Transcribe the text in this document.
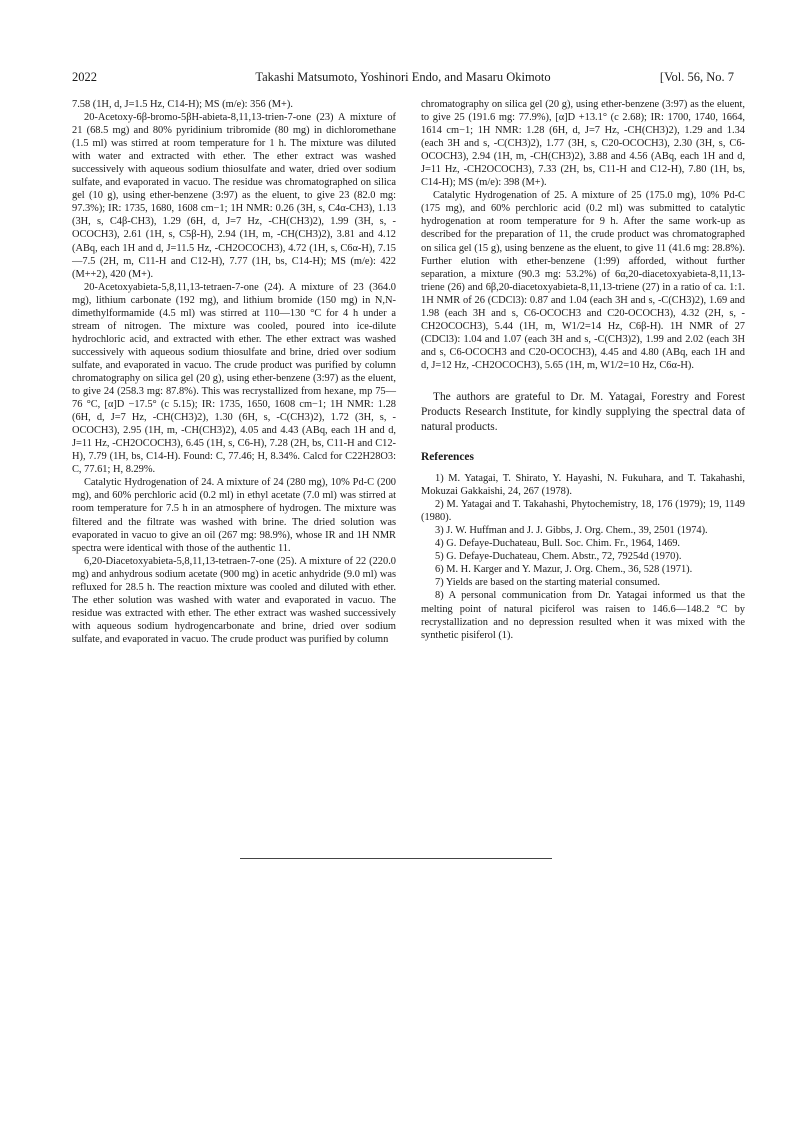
2022	Takashi Matsumoto, Yoshinori Endo, and Masaru Okimoto	[Vol. 56, No. 7

7.58 (1H, d, J=1.5 Hz, C14-H); MS (m/e): 356 (M+).

20-Acetoxy-6β-bromo-5βH-abieta-8,11,13-trien-7-one (23) A mixture of 21 (68.5 mg) and 80% pyridinium tribromide (80 mg) in dichloromethane (1.5 ml) was stirred at room temperature for 1 h. The mixture was diluted with water and extracted with ether. The ether extract was washed successively with aqueous sodium thiosulfate and water, dried over sodium sulfate, and evaporated in vacuo. The residue was chromatographed on silica gel (10 g), using ether-benzene (3:97) as the eluent, to give 23 (82.0 mg: 97.3%); IR: 1735, 1680, 1608 cm−1; 1H NMR: 0.26 (3H, s, C4α-CH3), 1.13 (3H, s, C4β-CH3), 1.29 (6H, d, J=7 Hz, -CH(CH3)2), 1.99 (3H, s, -OCOCH3), 2.61 (1H, s, C5β-H), 2.94 (1H, m, -CH(CH3)2), 3.81 and 4.12 (ABq, each 1H and d, J=11.5 Hz, -CH2OCOCH3), 4.72 (1H, s, C6α-H), 7.15—7.5 (2H, m, C11-H and C12-H), 7.77 (1H, bs, C14-H); MS (m/e): 422 (M++2), 420 (M+).

20-Acetoxyabieta-5,8,11,13-tetraen-7-one (24). A mixture of 23 (364.0 mg), lithium carbonate (192 mg), and lithium bromide (150 mg) in N,N-dimethylformamide (4.5 ml) was stirred at 110—130 °C for 4 h under a stream of nitrogen. The mixture was cooled, poured into ice-dilute hydrochloric acid, and extracted with ether. The ether extract was washed successively with aqueous sodium thiosulfate and brine, dried over sodium sulfate, and evaporated in vacuo. The crude product was purified by column chromatography on silica gel (20 g), using ether-benzene (3:97) as the eluent, to give 24 (258.3 mg: 87.8%). This was recrystallized from hexane, mp 75—76 °C, [α]D −17.5° (c 5.15); IR: 1735, 1650, 1608 cm−1; 1H NMR: 1.28 (6H, d, J=7 Hz, -CH(CH3)2), 1.30 (6H, s, -C(CH3)2), 1.72 (3H, s, -OCOCH3), 2.95 (1H, m, -CH(CH3)2), 4.05 and 4.43 (ABq, each 1H and d, J=11 Hz, -CH2OCOCH3), 6.45 (1H, s, C6-H), 7.28 (2H, bs, C11-H and C12-H), 7.79 (1H, bs, C14-H). Found: C, 77.46; H, 8.34%. Calcd for C22H28O3: C, 77.61; H, 8.29%.

Catalytic Hydrogenation of 24. A mixture of 24 (280 mg), 10% Pd-C (200 mg), and 60% perchloric acid (0.2 ml) in ethyl acetate (7.0 ml) was stirred at room temperature for 7.5 h in an atmosphere of hydrogen. The mixture was filtered and the filtrate was washed with brine. The dried solution was evaporated in vacuo to give an oil (267 mg: 98.9%), whose IR and 1H NMR spectra were identical with those of the authentic 11.

6,20-Diacetoxyabieta-5,8,11,13-tetraen-7-one (25). A mixture of 22 (220.0 mg) and anhydrous sodium acetate (900 mg) in acetic anhydride (9.0 ml) was refluxed for 28.5 h. The reaction mixture was cooled and diluted with ether. The ether solution was washed with water and evaporated in vacuo. The residue was extracted with ether. The ether extract was washed successively with aqueous sodium hydrogencarbonate and brine, dried over sodium sulfate, and evaporated in vacuo. The crude product was purified by column

chromatography on silica gel (20 g), using ether-benzene (3:97) as the eluent, to give 25 (191.6 mg: 77.9%), [α]D +13.1° (c 2.68); IR: 1700, 1740, 1664, 1614 cm−1; 1H NMR: 1.28 (6H, d, J=7 Hz, -CH(CH3)2), 1.29 and 1.34 (each 3H and s, -C(CH3)2), 1.77 (3H, s, C20-OCOCH3), 2.30 (3H, s, C6-OCOCH3), 2.94 (1H, m, -CH(CH3)2), 3.88 and 4.56 (ABq, each 1H and d, J=11 Hz, -CH2OCOCH3), 7.33 (2H, bs, C11-H and C12-H), 7.80 (1H, bs, C14-H); MS (m/e): 398 (M+).

Catalytic Hydrogenation of 25. A mixture of 25 (175.0 mg), 10% Pd-C (175 mg), and 60% perchloric acid (0.2 ml) was submitted to catalytic hydrogenation at room temperature for 9 h. After the same work-up as described for the preparation of 11, the crude product was chromatographed on silica gel (15 g), using benzene as the eluent, to give 11 (41.6 mg: 28.8%). Further elution with ether-benzene (1:99) afforded, without further separation, a mixture (90.3 mg: 53.2%) of 6α,20-diacetoxyabieta-8,11,13-triene (26) and 6β,20-diacetoxyabieta-8,11,13-triene (27) in a ratio of ca. 1:1. 1H NMR of 26 (CDCl3): 0.87 and 1.04 (each 3H and s, -C(CH3)2), 1.69 and 1.98 (each 3H and s, C6-OCOCH3 and C20-OCOCH3), 4.32 (2H, s, -CH2OCOCH3), 5.44 (1H, m, W1/2=14 Hz, C6β-H). 1H NMR of 27 (CDCl3): 1.04 and 1.07 (each 3H and s, -C(CH3)2), 1.99 and 2.02 (each 3H and s, C6-OCOCH3 and C20-OCOCH3), 4.45 and 4.80 (ABq, each 1H and d, J=12 Hz, -CH2OCOCH3), 5.65 (1H, m, W1/2=10 Hz, C6α-H).

The authors are grateful to Dr. M. Yatagai, Forestry and Forest Products Research Institute, for kindly supplying the spectral data of natural products.

References
1) M. Yatagai, T. Shirato, Y. Hayashi, N. Fukuhara, and T. Takahashi, Mokuzai Gakkaishi, 24, 267 (1978).
2) M. Yatagai and T. Takahashi, Phytochemistry, 18, 176 (1979); 19, 1149 (1980).
3) J. W. Huffman and J. J. Gibbs, J. Org. Chem., 39, 2501 (1974).
4) G. Defaye-Duchateau, Bull. Soc. Chim. Fr., 1964, 1469.
5) G. Defaye-Duchateau, Chem. Abstr., 72, 79254d (1970).
6) M. H. Karger and Y. Mazur, J. Org. Chem., 36, 528 (1971).
7) Yields are based on the starting material consumed.
8) A personal communication from Dr. Yatagai informed us that the melting point of natural piciferol was raisen to 146.6—148.2 °C by recrystallization and no depression resulted when it was mixed with the synthetic pisiferol (1).
